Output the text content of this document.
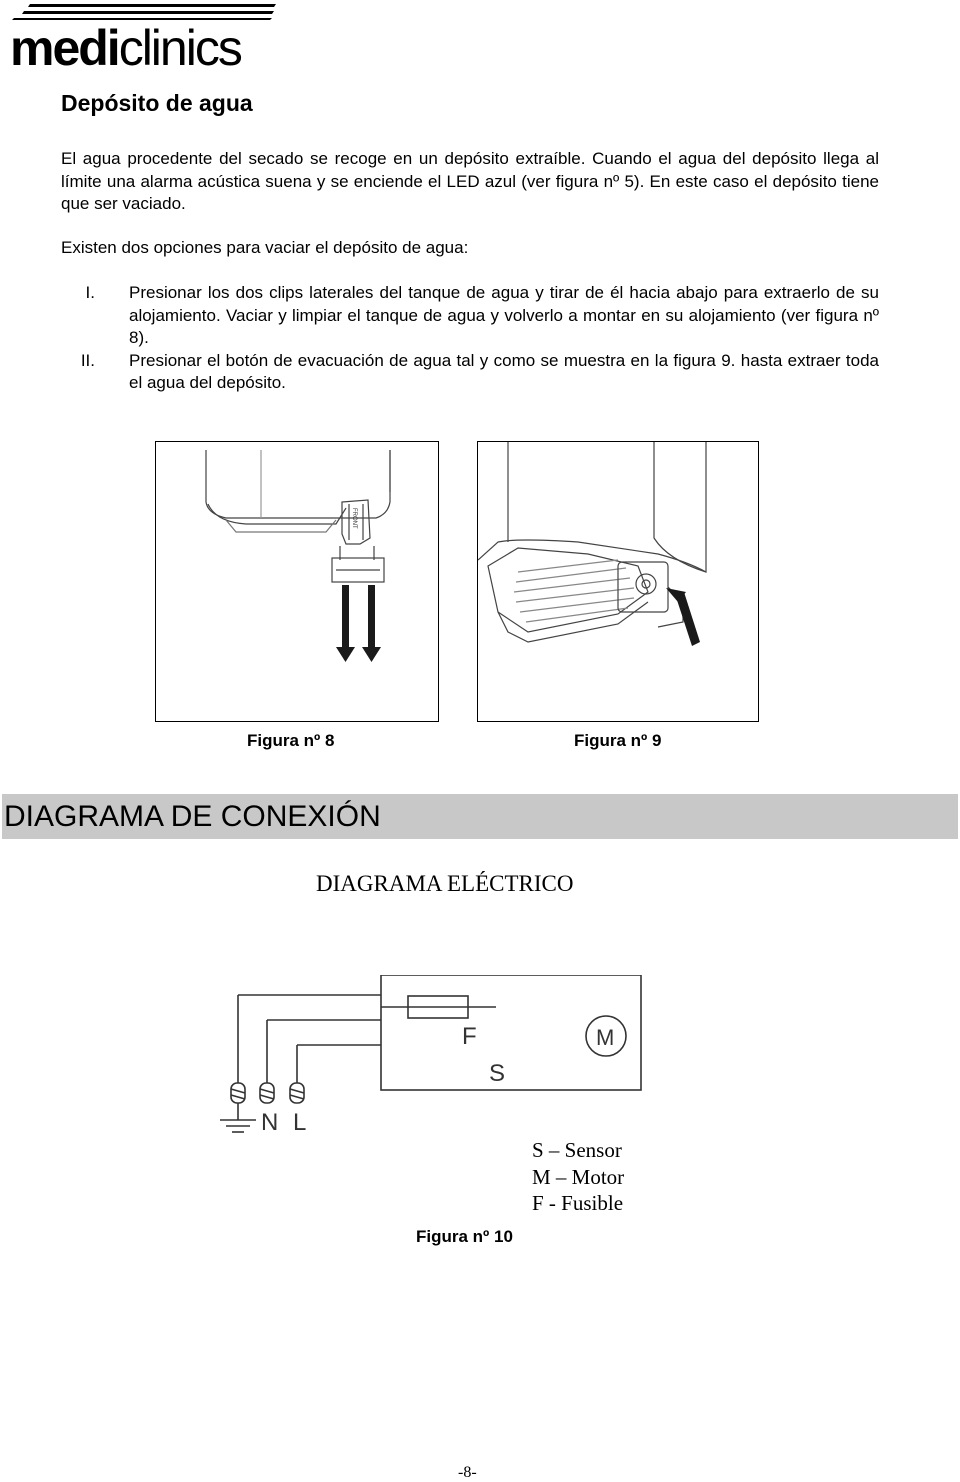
mediclinics
Depósito de agua

El agua procedente del secado se recoge en un depósito extraíble. Cuando el agua del depósito llega al límite una alarma acústica suena y se enciende el LED azul (ver figura nº 5). En este caso el depósito tiene que ser vaciado.

Existen dos opciones para vaciar el depósito de agua:

I. Presionar los dos clips laterales del tanque de agua y tirar de él hacia abajo para extraerlo de su alojamiento. Vaciar y limpiar el tanque de agua y volverlo a montar en su alojamiento (ver figura nº 8).
II. Presionar el botón de evacuación de agua tal y como se muestra en la figura 9. hasta extraer toda el agua del depósito.
FRONT
Figura nº 8	Figura nº 9
DIAGRAMA DE CONEXIÓN
DIAGRAMA ELÉCTRICO
F
S
M
N L
S – Sensor
M – Motor
F - Fusible
Figura nº 10
-8-
